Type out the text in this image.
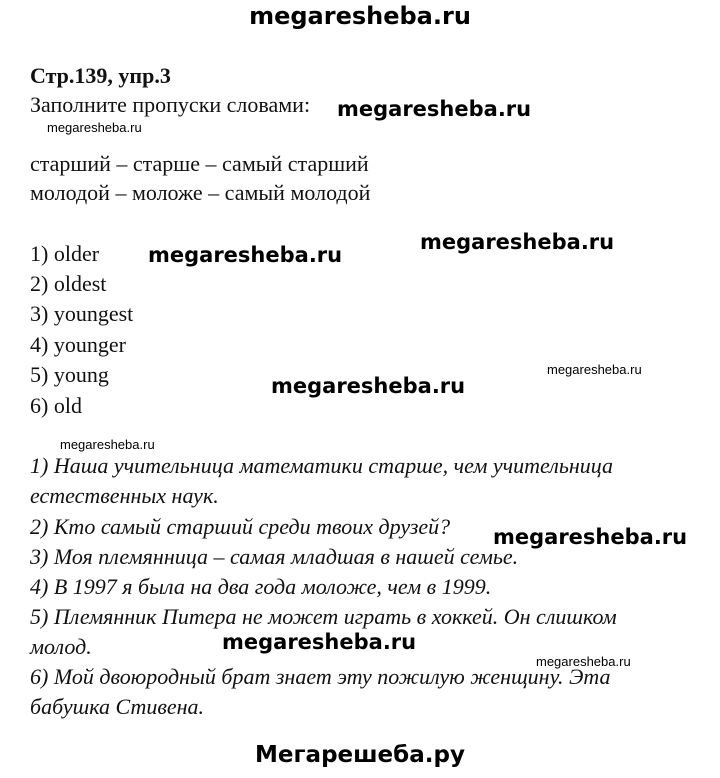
megaresheba.ru
Стр.139, упр.3
Заполните пропуски словами: megaresheba.ru
megaresheba.ru
старший – старше – самый старший
молодой – моложе – самый молодой
1) older megaresheba.ru
megaresheba.ru
2) oldest
3) youngest
4) younger
5) young	megaresheba.ru
megaresheba.ru
6) old
megaresheba.ru
1) Наша учительница математики старше, чем учительница
естественных наук.
2) Кто самый старший среди твоих друзей? megaresheba.ru
3) Моя племянница – самая младшая в нашей семье.
4) В 1997 я была на два года моложе, чем в 1999.
5) Племянник Питера не может играть в хоккей. Он слишком
молод.	megaresheba.ru
megaresheba.ru
6) Мой двоюродный брат знает эту пожилую женщину. Эта
бабушка Стивена.
Мегарешеба.ру
